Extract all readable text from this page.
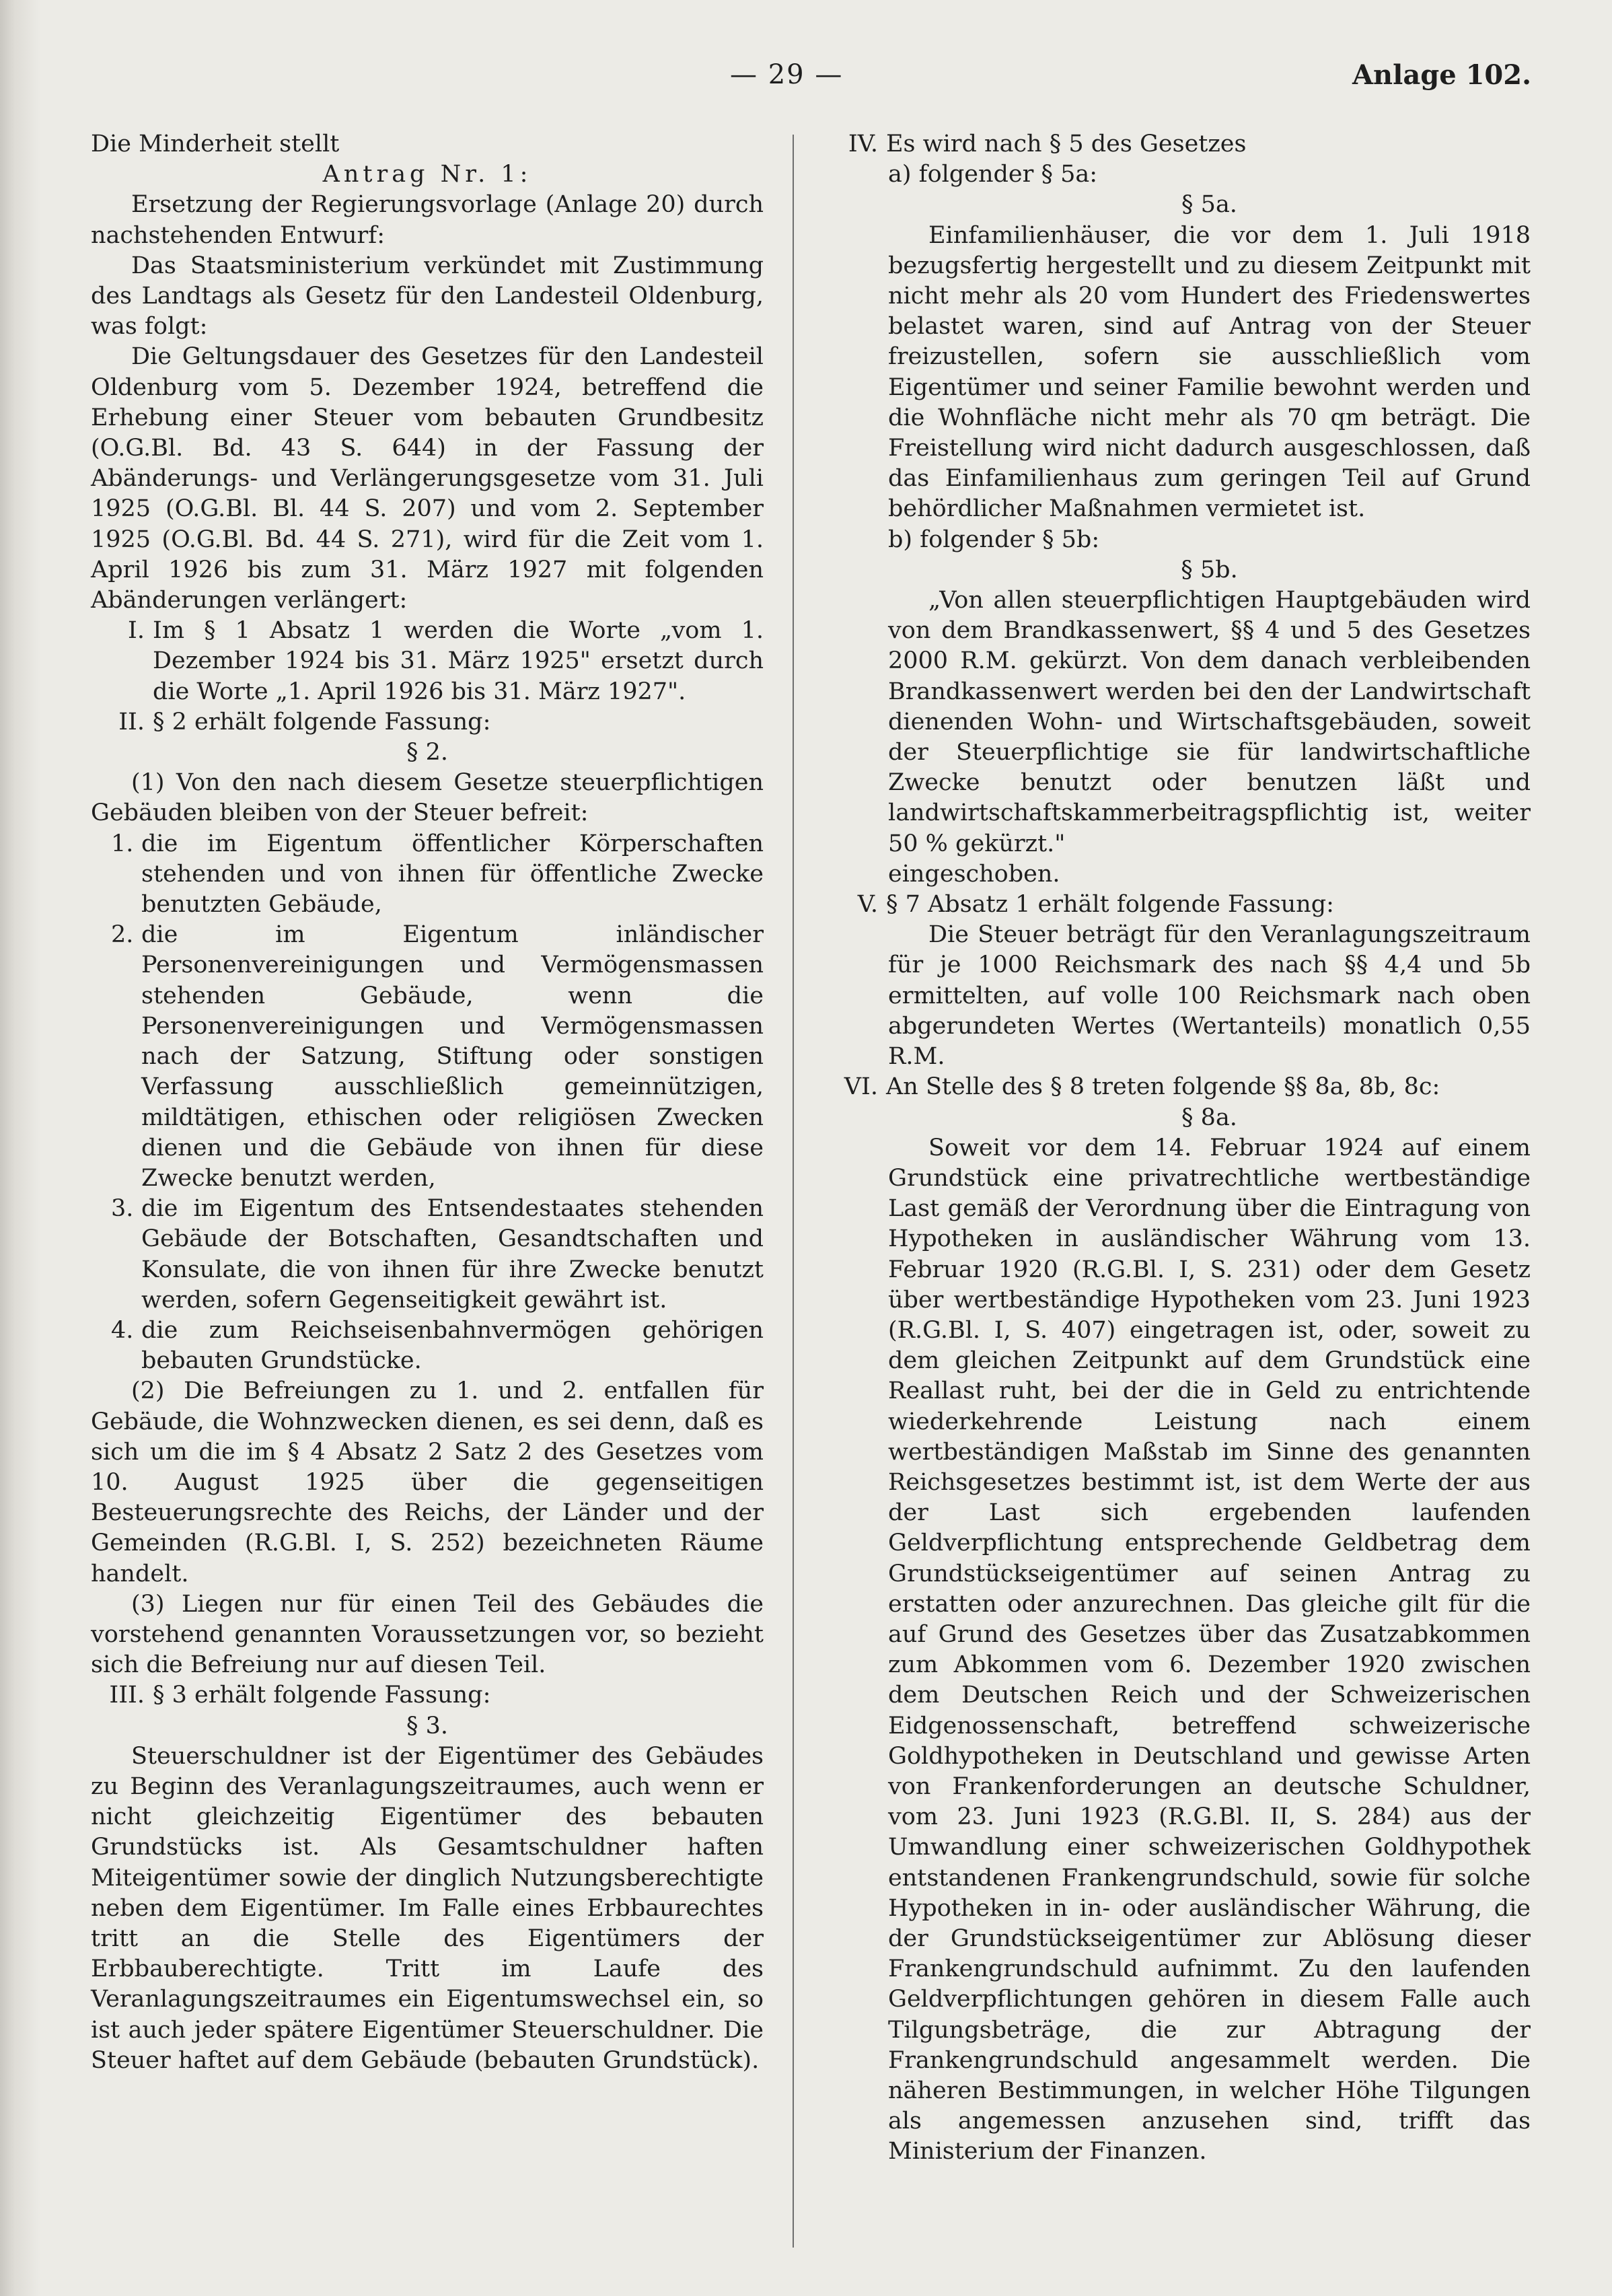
— 29 —	Anlage 102.

Die Minderheit stellt

Antrag Nr. 1:

Ersetzung der Regierungsvorlage (Anlage 20) durch nachstehenden Entwurf:

Das Staatsministerium verkündet mit Zustimmung des Landtags als Gesetz für den Landesteil Oldenburg, was folgt:

Die Geltungsdauer des Gesetzes für den Landesteil Oldenburg vom 5. Dezember 1924, betreffend die Erhebung einer Steuer vom bebauten Grundbesitz (O.G.Bl. Bd. 43 S. 644) in der Fassung der Abänderungs- und Verlängerungsgesetze vom 31. Juli 1925 (O.G.Bl. Bl. 44 S. 207) und vom 2. September 1925 (O.G.Bl. Bd. 44 S. 271), wird für die Zeit vom 1. April 1926 bis zum 31. März 1927 mit folgenden Abänderungen verlängert:

I. Im § 1 Absatz 1 werden die Worte „vom 1. Dezember 1924 bis 31. März 1925" ersetzt durch die Worte „1. April 1926 bis 31. März 1927".
II. § 2 erhält folgende Fassung:

§ 2.

(1) Von den nach diesem Gesetze steuerpflichtigen Gebäuden bleiben von der Steuer befreit:

1. die im Eigentum öffentlicher Körperschaften stehenden und von ihnen für öffentliche Zwecke benutzten Gebäude,
2. die im Eigentum inländischer Personenvereinigungen und Vermögensmassen stehenden Gebäude, wenn die Personenvereinigungen und Vermögensmassen nach der Satzung, Stiftung oder sonstigen Verfassung ausschließlich gemeinnützigen, mildtätigen, ethischen oder religiösen Zwecken dienen und die Gebäude von ihnen für diese Zwecke benutzt werden,
3. die im Eigentum des Entsendestaates stehenden Gebäude der Botschaften, Gesandtschaften und Konsulate, die von ihnen für ihre Zwecke benutzt werden, sofern Gegenseitigkeit gewährt ist.
4. die zum Reichseisenbahnvermögen gehörigen bebauten Grundstücke.

(2) Die Befreiungen zu 1. und 2. entfallen für Gebäude, die Wohnzwecken dienen, es sei denn, daß es sich um die im § 4 Absatz 2 Satz 2 des Gesetzes vom 10. August 1925 über die gegenseitigen Besteuerungsrechte des Reichs, der Länder und der Gemeinden (R.G.Bl. I, S. 252) bezeichneten Räume handelt.

(3) Liegen nur für einen Teil des Gebäudes die vorstehend genannten Voraussetzungen vor, so bezieht sich die Befreiung nur auf diesen Teil.

III. § 3 erhält folgende Fassung:

§ 3.

Steuerschuldner ist der Eigentümer des Gebäudes zu Beginn des Veranlagungszeitraumes, auch wenn er nicht gleichzeitig Eigentümer des bebauten Grundstücks ist. Als Gesamtschuldner haften Miteigentümer sowie der dinglich Nutzungsberechtigte neben dem Eigentümer. Im Falle eines Erbbaurechtes tritt an die Stelle des Eigentümers der Erbbauberechtigte. Tritt im Laufe des Veranlagungszeitraumes ein Eigentumswechsel ein, so ist auch jeder spätere Eigentümer Steuerschuldner. Die Steuer haftet auf dem Gebäude (bebauten Grundstück).

IV. Es wird nach § 5 des Gesetzes

a) folgender § 5a:

§ 5a.

Einfamilienhäuser, die vor dem 1. Juli 1918 bezugsfertig hergestellt und zu diesem Zeitpunkt mit nicht mehr als 20 vom Hundert des Friedenswertes belastet waren, sind auf Antrag von der Steuer freizustellen, sofern sie ausschließlich vom Eigentümer und seiner Familie bewohnt werden und die Wohnfläche nicht mehr als 70 qm beträgt. Die Freistellung wird nicht dadurch ausgeschlossen, daß das Einfamilienhaus zum geringen Teil auf Grund behördlicher Maßnahmen vermietet ist.

b) folgender § 5b:

§ 5b.

„Von allen steuerpflichtigen Hauptgebäuden wird von dem Brandkassenwert, §§ 4 und 5 des Gesetzes 2000 R.M. gekürzt. Von dem danach verbleibenden Brandkassenwert werden bei den der Landwirtschaft dienenden Wohn- und Wirtschaftsgebäuden, soweit der Steuerpflichtige sie für landwirtschaftliche Zwecke benutzt oder benutzen läßt und landwirtschaftskammerbeitragspflichtig ist, weiter 50 % gekürzt."

eingeschoben.

V. § 7 Absatz 1 erhält folgende Fassung:

Die Steuer beträgt für den Veranlagungszeitraum für je 1000 Reichsmark des nach §§ 4,4 und 5b ermittelten, auf volle 100 Reichsmark nach oben abgerundeten Wertes (Wertanteils) monatlich 0,55 R.M.

VI. An Stelle des § 8 treten folgende §§ 8a, 8b, 8c:

§ 8a.

Soweit vor dem 14. Februar 1924 auf einem Grundstück eine privatrechtliche wertbeständige Last gemäß der Verordnung über die Eintragung von Hypotheken in ausländischer Währung vom 13. Februar 1920 (R.G.Bl. I, S. 231) oder dem Gesetz über wertbeständige Hypotheken vom 23. Juni 1923 (R.G.Bl. I, S. 407) eingetragen ist, oder, soweit zu dem gleichen Zeitpunkt auf dem Grundstück eine Reallast ruht, bei der die in Geld zu entrichtende wiederkehrende Leistung nach einem wertbeständigen Maßstab im Sinne des genannten Reichsgesetzes bestimmt ist, ist dem Werte der aus der Last sich ergebenden laufenden Geldverpflichtung entsprechende Geldbetrag dem Grundstückseigentümer auf seinen Antrag zu erstatten oder anzurechnen. Das gleiche gilt für die auf Grund des Gesetzes über das Zusatzabkommen zum Abkommen vom 6. Dezember 1920 zwischen dem Deutschen Reich und der Schweizerischen Eidgenossenschaft, betreffend schweizerische Goldhypotheken in Deutschland und gewisse Arten von Frankenforderungen an deutsche Schuldner, vom 23. Juni 1923 (R.G.Bl. II, S. 284) aus der Umwandlung einer schweizerischen Goldhypothek entstandenen Frankengrundschuld, sowie für solche Hypotheken in in- oder ausländischer Währung, die der Grundstückseigentümer zur Ablösung dieser Frankengrundschuld aufnimmt. Zu den laufenden Geldverpflichtungen gehören in diesem Falle auch Tilgungsbeträge, die zur Abtragung der Frankengrundschuld angesammelt werden. Die näheren Bestimmungen, in welcher Höhe Tilgungen als angemessen anzusehen sind, trifft das Ministerium der Finanzen.
